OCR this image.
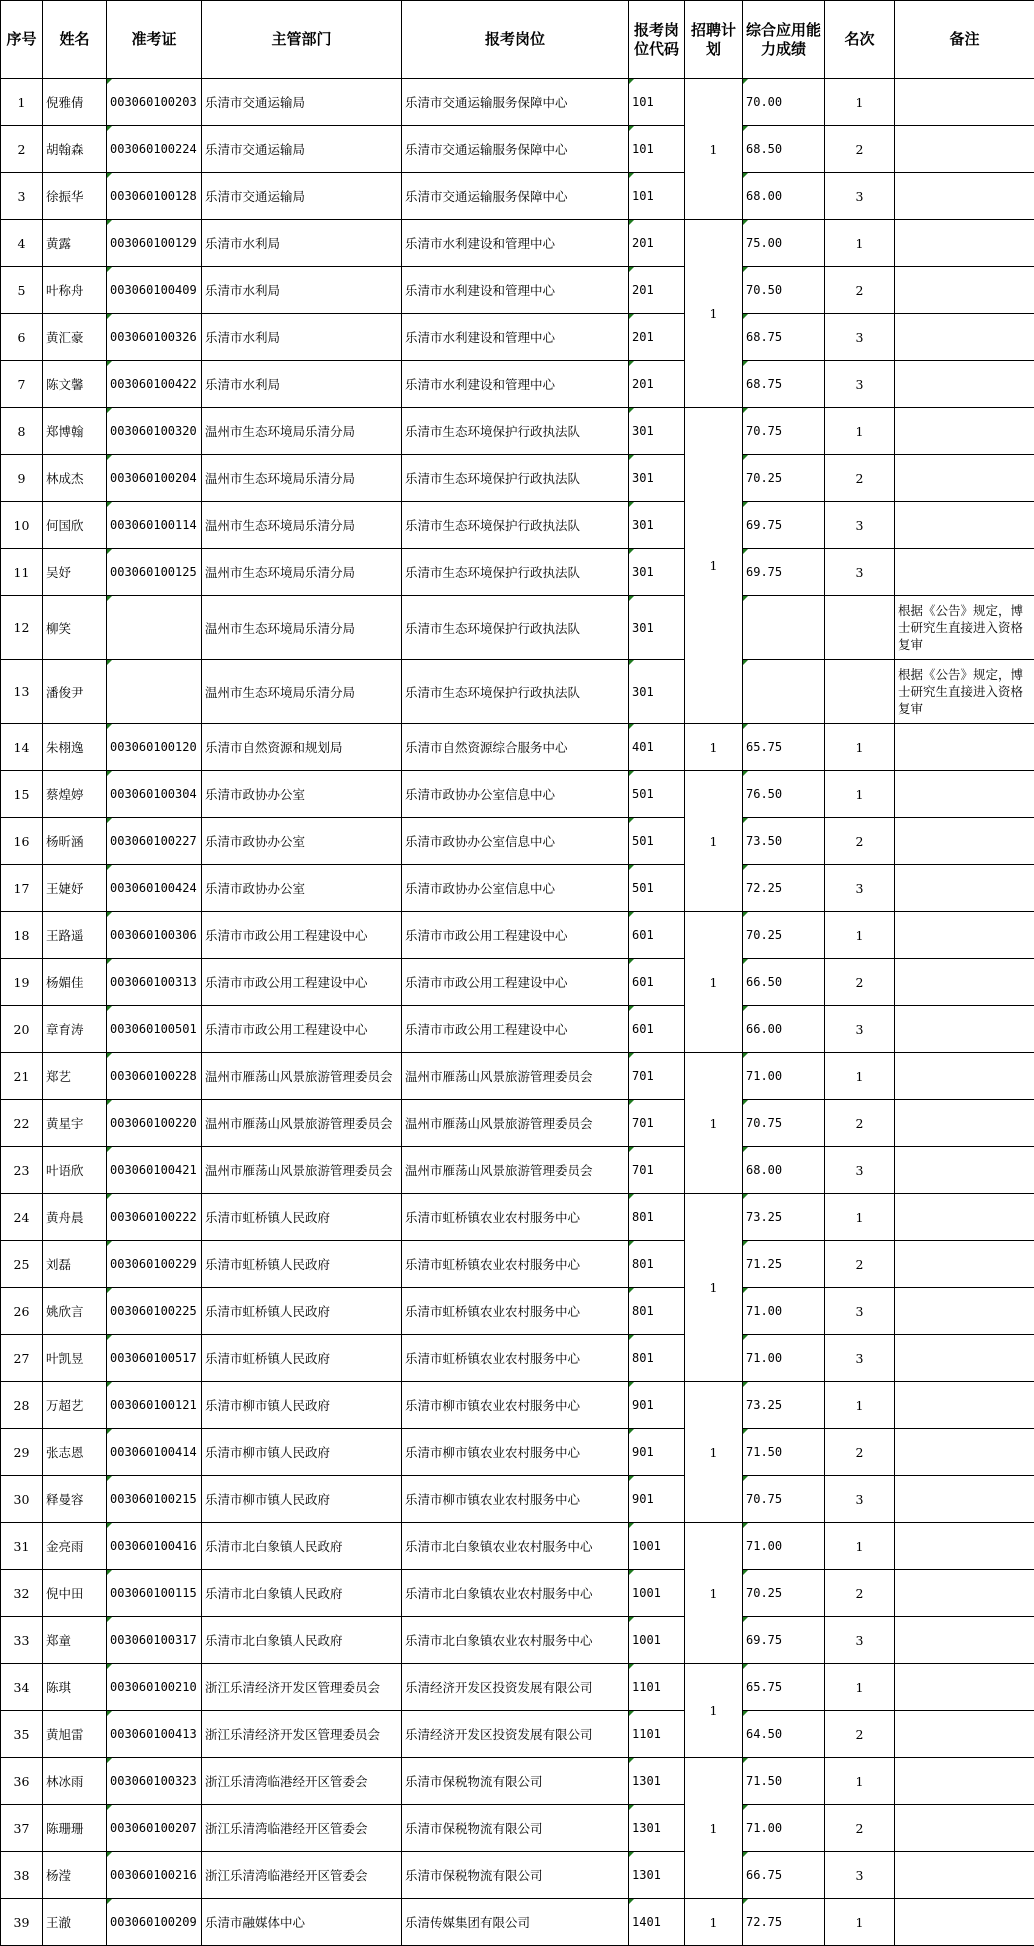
序号	姓名	准考证	主管部门	报考岗位	报考岗位代码	招聘计划	综合应用能力成绩	名次	备注
1	倪雅倩	003060100203	乐清市交通运输局	乐清市交通运输服务保障中心	101	1	70.00	1	
2	胡翰森	003060100224	乐清市交通运输局	乐清市交通运输服务保障中心	101		68.50	2	
3	徐振华	003060100128	乐清市交通运输局	乐清市交通运输服务保障中心	101		68.00	3	
4	黄露	003060100129	乐清市水利局	乐清市水利建设和管理中心	201	1	75.00	1	
5	叶称舟	003060100409	乐清市水利局	乐清市水利建设和管理中心	201		70.50	2	
6	黄汇豪	003060100326	乐清市水利局	乐清市水利建设和管理中心	201		68.75	3	
7	陈文馨	003060100422	乐清市水利局	乐清市水利建设和管理中心	201		68.75	3	
8	郑博翰	003060100320	温州市生态环境局乐清分局	乐清市生态环境保护行政执法队	301	1	70.75	1	
9	林成杰	003060100204	温州市生态环境局乐清分局	乐清市生态环境保护行政执法队	301		70.25	2	
10	何国欣	003060100114	温州市生态环境局乐清分局	乐清市生态环境保护行政执法队	301		69.75	3	
11	吴妤	003060100125	温州市生态环境局乐清分局	乐清市生态环境保护行政执法队	301		69.75	3	
12	柳笑		温州市生态环境局乐清分局	乐清市生态环境保护行政执法队	301				根据《公告》规定，博士研究生直接进入资格复审
13	潘俊尹		温州市生态环境局乐清分局	乐清市生态环境保护行政执法队	301				根据《公告》规定，博士研究生直接进入资格复审
14	朱栩逸	003060100120	乐清市自然资源和规划局	乐清市自然资源综合服务中心	401	1	65.75	1	
15	蔡煌婷	003060100304	乐清市政协办公室	乐清市政协办公室信息中心	501	1	76.50	1	
16	杨昕涵	003060100227	乐清市政协办公室	乐清市政协办公室信息中心	501		73.50	2	
17	王婕妤	003060100424	乐清市政协办公室	乐清市政协办公室信息中心	501		72.25	3	
18	王路遥	003060100306	乐清市市政公用工程建设中心	乐清市市政公用工程建设中心	601	1	70.25	1	
19	杨媚佳	003060100313	乐清市市政公用工程建设中心	乐清市市政公用工程建设中心	601		66.50	2	
20	章育涛	003060100501	乐清市市政公用工程建设中心	乐清市市政公用工程建设中心	601		66.00	3	
21	郑艺	003060100228	温州市雁荡山风景旅游管理委员会	温州市雁荡山风景旅游管理委员会	701	1	71.00	1	
22	黄星宇	003060100220	温州市雁荡山风景旅游管理委员会	温州市雁荡山风景旅游管理委员会	701		70.75	2	
23	叶语欣	003060100421	温州市雁荡山风景旅游管理委员会	温州市雁荡山风景旅游管理委员会	701		68.00	3	
24	黄舟晨	003060100222	乐清市虹桥镇人民政府	乐清市虹桥镇农业农村服务中心	801	1	73.25	1	
25	刘磊	003060100229	乐清市虹桥镇人民政府	乐清市虹桥镇农业农村服务中心	801		71.25	2	
26	姚欣言	003060100225	乐清市虹桥镇人民政府	乐清市虹桥镇农业农村服务中心	801		71.00	3	
27	叶凯昱	003060100517	乐清市虹桥镇人民政府	乐清市虹桥镇农业农村服务中心	801		71.00	3	
28	万超艺	003060100121	乐清市柳市镇人民政府	乐清市柳市镇农业农村服务中心	901	1	73.25	1	
29	张志恩	003060100414	乐清市柳市镇人民政府	乐清市柳市镇农业农村服务中心	901		71.50	2	
30	释曼容	003060100215	乐清市柳市镇人民政府	乐清市柳市镇农业农村服务中心	901		70.75	3	
31	金亮雨	003060100416	乐清市北白象镇人民政府	乐清市北白象镇农业农村服务中心	1001	1	71.00	1	
32	倪中田	003060100115	乐清市北白象镇人民政府	乐清市北白象镇农业农村服务中心	1001		70.25	2	
33	郑童	003060100317	乐清市北白象镇人民政府	乐清市北白象镇农业农村服务中心	1001		69.75	3	
34	陈琪	003060100210	浙江乐清经济开发区管理委员会	乐清经济开发区投资发展有限公司	1101	1	65.75	1	
35	黄旭雷	003060100413	浙江乐清经济开发区管理委员会	乐清经济开发区投资发展有限公司	1101		64.50	2	
36	林冰雨	003060100323	浙江乐清湾临港经开区管委会	乐清市保税物流有限公司	1301	1	71.50	1	
37	陈珊珊	003060100207	浙江乐清湾临港经开区管委会	乐清市保税物流有限公司	1301		71.00	2	
38	杨滢	003060100216	浙江乐清湾临港经开区管委会	乐清市保税物流有限公司	1301		66.75	3	
39	王澈	003060100209	乐清市融媒体中心	乐清传媒集团有限公司	1401	1	72.75	1	
